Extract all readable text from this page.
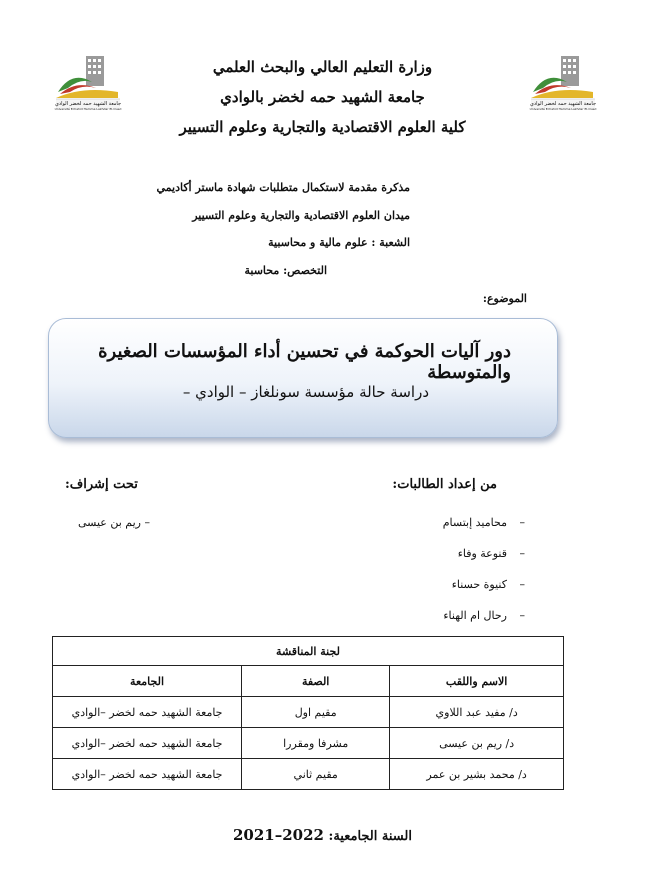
جامعة الشهيد حمه لخضر الوادي
Université Echahid Hamma Lakhdar El-Oued
جامعة الشهيد حمه لخضر الوادي
Université Echahid Hamma Lakhdar El-Oued
وزارة التعليم العالي والبحث العلمي
جامعة الشهيد حمه لخضر بالوادي
كلية العلوم الاقتصادية والتجارية وعلوم التسيير
مذكرة مقدمة لاستكمال متطلبات شهادة ماستر أكاديمي
ميدان العلوم الاقتصادية والتجارية وعلوم التسيير
الشعبة : علوم مالية و محاسبية
التخصص: محاسبة
الموضوع:
دور آليات الحوكمة في تحسين أداء المؤسسات الصغيرة والمتوسطة
دراسة حالة مؤسسة سونلغاز – الوادي –
من إعداد الطالبات:
تحت إشراف:
–محاميد إبتسام
–قنوعة وفاء
–كنيوة حسناء
–رحال ام الهناء
– ريم بن عيسى
لجنة المناقشة		
الاسم واللقب	الصفة	الجامعة
د/ مفيد عبد اللاوي	مقيم اول	جامعة الشهيد حمه لخضر –الوادي
د/ ريم بن عيسى	مشرفا ومقررا	جامعة الشهيد حمه لخضر –الوادي
د/ محمد بشير بن عمر	مقيم ثاني	جامعة الشهيد حمه لخضر –الوادي
السنة الجامعية: 2021–2022
